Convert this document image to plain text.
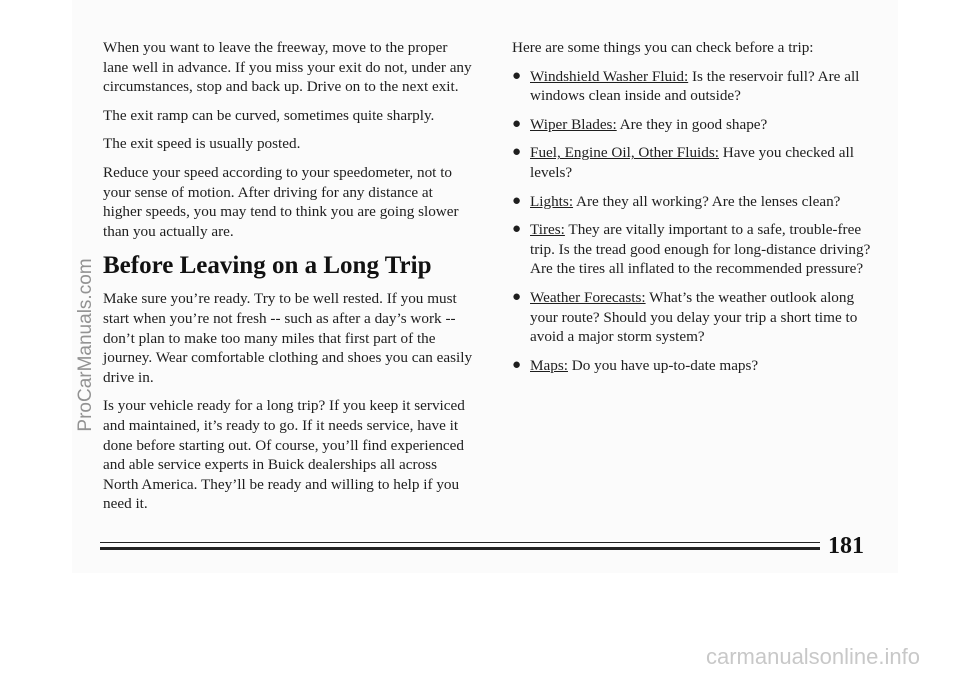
When you want to leave the freeway, move to the proper lane well in advance. If you miss your exit do not, under any circumstances, stop and back up. Drive on to the next exit.

The exit ramp can be curved, sometimes quite sharply.

The exit speed is usually posted.

Reduce your speed according to your speedometer, not to your sense of motion. After driving for any distance at higher speeds, you may tend to think you are going slower than you actually are.

Before Leaving on a Long Trip

Make sure you’re ready. Try to be well rested. If you must start when you’re not fresh -- such as after a day’s work -- don’t plan to make too many miles that first part of the journey. Wear comfortable clothing and shoes you can easily drive in.

Is your vehicle ready for a long trip? If you keep it serviced and maintained, it’s ready to go. If it needs service, have it done before starting out. Of course, you’ll find experienced and able service experts in Buick dealerships all across North America. They’ll be ready and willing to help if you need it.

Here are some things you can check before a trip:

● Windshield Washer Fluid: Is the reservoir full? Are all windows clean inside and outside?
● Wiper Blades: Are they in good shape?
● Fuel, Engine Oil, Other Fluids: Have you checked all levels?
● Lights: Are they all working? Are the lenses clean?
● Tires: They are vitally important to a safe, trouble-free trip. Is the tread good enough for long-distance driving? Are the tires all inflated to the recommended pressure?
● Weather Forecasts: What’s the weather outlook along your route? Should you delay your trip a short time to avoid a major storm system?
● Maps: Do you have up-to-date maps?
181
ProCarManuals.com
carmanualsonline.info
